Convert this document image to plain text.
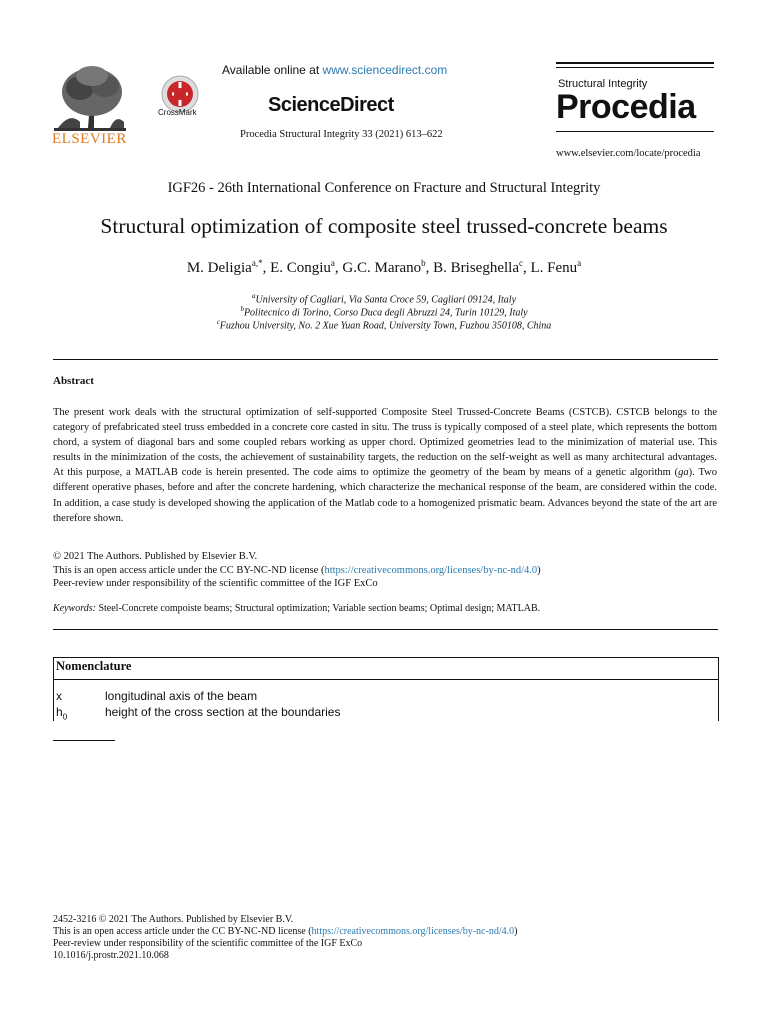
ELSEVIER
CrossMark
Available online at www.sciencedirect.com
ScienceDirect
Procedia Structural Integrity 33 (2021) 613–622
Structural Integrity
Procedia
www.elsevier.com/locate/procedia
IGF26 - 26th International Conference on Fracture and Structural Integrity
Structural optimization of composite steel trussed-concrete beams
M. Deligia$^{a,*}$, E. Congiu$^a$, G.C. Marano$^b$, B. Briseghella$^c$, L. Fenu$^a$
$^a$University of Cagliari, Via Santa Croce 59, Cagliari 09124, Italy
$^b$Politecnico di Torino, Corso Duca degli Abruzzi 24, Turin 10129, Italy
$^c$Fuzhou University, No. 2 Xue Yuan Road, University Town, Fuzhou 350108, China
Abstract

The present work deals with the structural optimization of self-supported Composite Steel Trussed-Concrete Beams (CSTCB). CSTCB belongs to the category of prefabricated steel truss embedded in a concrete core casted in situ. The truss is typically composed of a steel plate, which represents the bottom chord, a system of diagonal bars and some coupled rebars working as upper chord. Optimized geometries lead to the minimization of material use. This results in the minimization of the costs, the achievement of sustainability targets, the reduction on the self-weight as well as many architectural advantages. At this purpose, a MATLAB code is herein presented. The code aims to optimize the geometry of the beam by means of a genetic algorithm (ga). Two different operative phases, before and after the concrete hardening, which characterize the mechanical response of the beam, are considered within the code. In addition, a case study is developed showing the application of the Matlab code to a homogenized prismatic beam. Advances beyond the state of the art are therefore shown.

© 2021 The Authors. Published by Elsevier B.V.
This is an open access article under the CC BY-NC-ND license (https://creativecommons.org/licenses/by-nc-nd/4.0)
Peer-review under responsibility of the scientific committee of the IGF ExCo
Keywords: Steel-Concrete compoiste beams; Structural optimization; Variable section beams; Optimal design; MATLAB.
Nomenclature
x	longitudinal axis of the beam
$h_0$	height of the cross section at the boundaries
2452-3216 © 2021 The Authors. Published by Elsevier B.V.
This is an open access article under the CC BY-NC-ND license (https://creativecommons.org/licenses/by-nc-nd/4.0)
Peer-review under responsibility of the scientific committee of the IGF ExCo
10.1016/j.prostr.2021.10.068
